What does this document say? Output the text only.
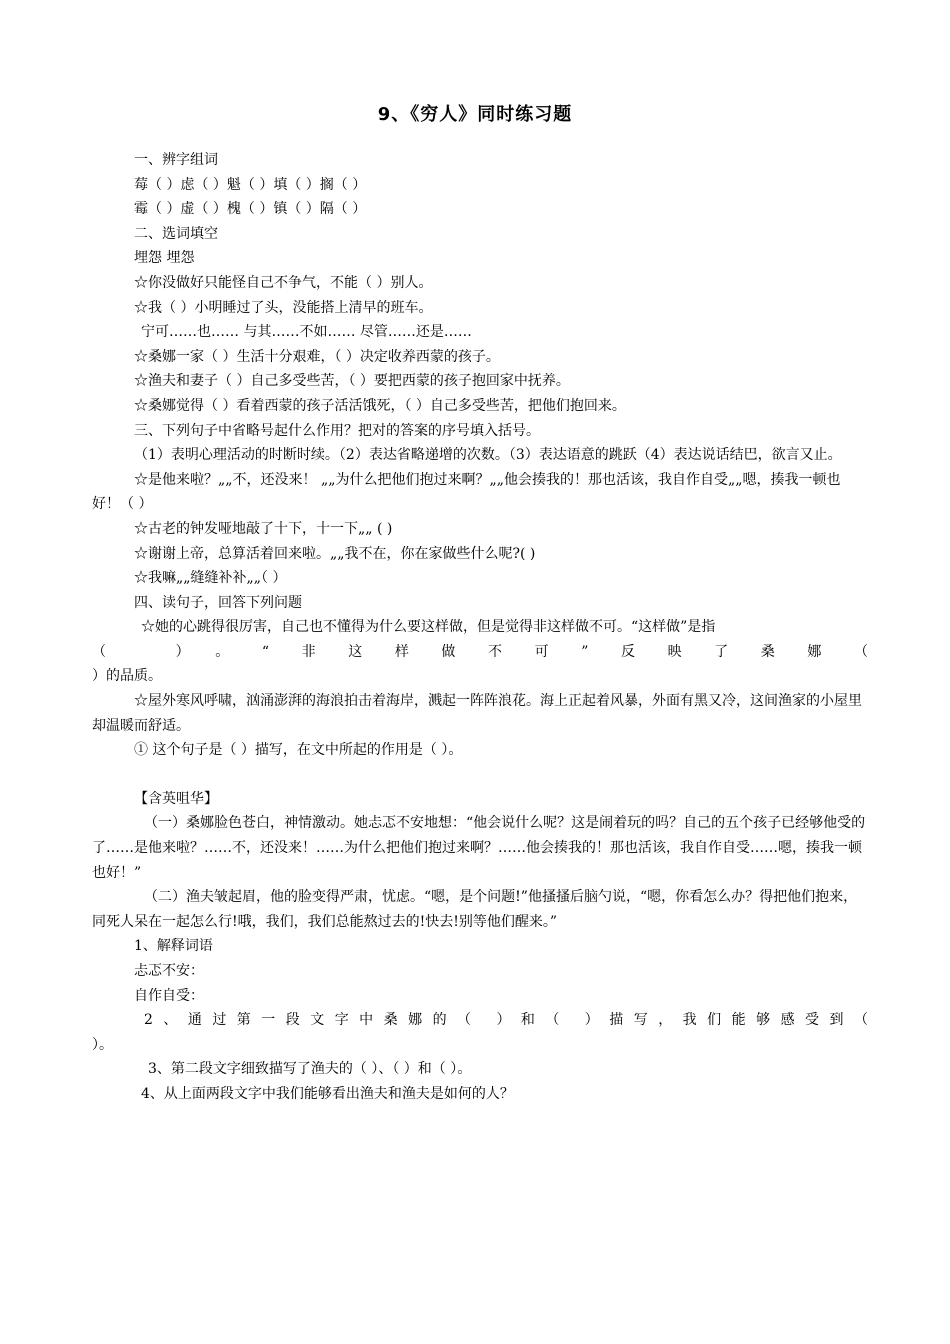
9、《穷人》同时练习题

一、辨字组词

莓（ ）虑（ ）魁（ ）填（ ）搁（ ）

霉（ ）虚（ ）槐（ ）镇（ ）隔（ ）

二、选词填空

埋怨 埋怨

☆你没做好只能怪自己不争气，不能（ ）别人。

☆我（ ）小明睡过了头，没能搭上清早的班车。

宁可……也…… 与其……不如…… 尽管……还是……

☆桑娜一家（ ）生活十分艰难，（ ）决定收养西蒙的孩子。

☆渔夫和妻子（ ）自己多受些苦，（ ）要把西蒙的孩子抱回家中抚养。

☆桑娜觉得（ ）看着西蒙的孩子活活饿死，（ ）自己多受些苦，把他们抱回来。

三、下列句子中省略号起什么作用？把对的答案的序号填入括号。

（1）表明心理活动的时断时续。（2）表达省略递增的次数。（3）表达语意的跳跃（4）表达说话结巴，欲言又止。

☆是他来啦？„„不，还没来！ „„为什么把他们抱过来啊？„„他会揍我的！那也活该，我自作自受„„嗯，揍我一顿也好！（ ）

☆古老的钟发哑地敲了十下，十一下„„ ( )

☆谢谢上帝，总算活着回来啦。„„我不在，你在家做些什么呢?( )

☆我嘛„„缝缝补补„„（ ）

四、读句子，回答下列问题

☆她的心跳得很厉害，自己也不懂得为什么要这样做，但是觉得非这样做不可。“这样做”是指

（ ）。“非这样做不可”反映了桑娜（

）的品质。

☆屋外寒风呼啸，汹涌澎湃的海浪拍击着海岸，溅起一阵阵浪花。海上正起着风暴，外面有黑又冷，这间渔家的小屋里却温暖而舒适。

① 这个句子是（ ）描写，在文中所起的作用是（ ）。

【含英咀华】

（一）桑娜脸色苍白，神情激动。她忐忑不安地想：“他会说什么呢？这是闹着玩的吗？自己的五个孩子已经够他受的了……是他来啦？……不，还没来！……为什么把他们抱过来啊？……他会揍我的！那也活该，我自作自受……嗯，揍我一顿也好！”

（二）渔夫皱起眉，他的脸变得严肃，忧虑。“嗯，是个问题!”他搔搔后脑勺说，“嗯，你看怎么办？得把他们抱来，同死人呆在一起怎么行!哦，我们，我们总能熬过去的!快去!别等他们醒来。”

1、解释词语

忐忑不安：

自作自受：

2、通过第一段文字中桑娜的（ ）和（ ）描写，我们能够感受到（

）。

3、第二段文字细致描写了渔夫的（ ）、（ ）和（ ）。

4、从上面两段文字中我们能够看出渔夫和渔夫是如何的人？
